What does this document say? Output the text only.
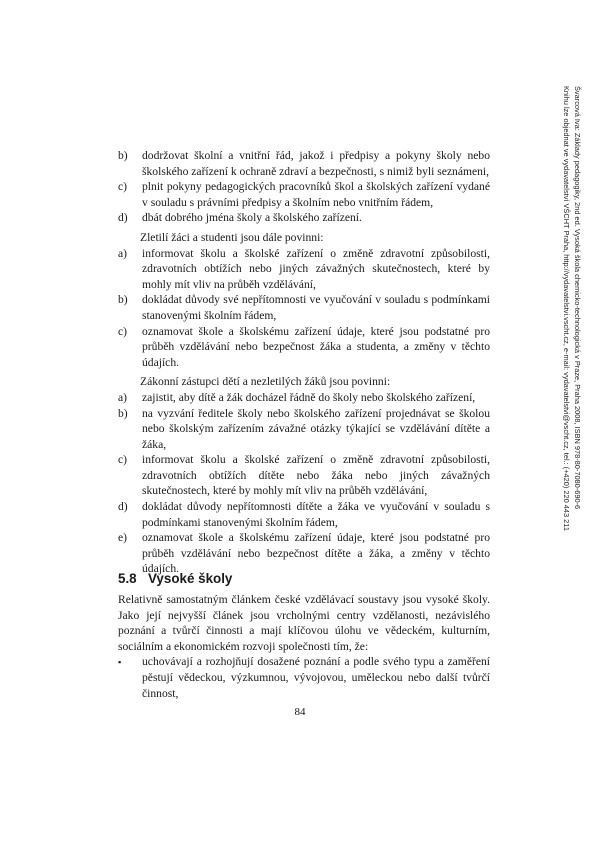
Švarcová Iva: Základy pedagogiky, 2nd ed. Vysoká škola chemicko-technologická v Praze, Praha 2008, ISBN 978-80-7080-690-6
Knihu lze objednat ve vydavatelství VŠCHT Praha, http://vydavatelstvi.vscht.cz, e-mail: vydavatelstvi@vscht.cz, tel.: (+420) 220 443 211
b) dodržovat školní a vnitřní řád, jakož i předpisy a pokyny školy nebo školského zařízení k ochraně zdraví a bezpečnosti, s nimiž byli seznámeni,
c) plnit pokyny pedagogických pracovníků škol a školských zařízení vydané v souladu s právními předpisy a školním nebo vnitřním řádem,
d) dbát dobrého jména školy a školského zařízení.
Zletilí žáci a studenti jsou dále povinni:
a) informovat školu a školské zařízení o změně zdravotní způsobilosti, zdravotních obtížích nebo jiných závažných skutečnostech, které by mohly mít vliv na průběh vzdělávání,
b) dokládat důvody své nepřítomnosti ve vyučování v souladu s podmínkami stanovenými školním řádem,
c) oznamovat škole a školskému zařízení údaje, které jsou podstatné pro průběh vzdělávání nebo bezpečnost žáka a studenta, a změny v těchto údajích.
Zákonní zástupci dětí a nezletilých žáků jsou povinni:
a) zajistit, aby dítě a žák docházel řádně do školy nebo školského zařízení,
b) na vyzvání ředitele školy nebo školského zařízení projednávat se školou nebo školským zařízením závažné otázky týkající se vzdělávání dítěte a žáka,
c) informovat školu a školské zařízení o změně zdravotní způsobilosti, zdravotních obtížích dítěte nebo žáka nebo jiných závažných skutečnostech, které by mohly mít vliv na průběh vzdělávání,
d) dokládat důvody nepřítomnosti dítěte a žáka ve vyučování v souladu s podmínkami stanovenými školním řádem,
e) oznamovat škole a školskému zařízení údaje, které jsou podstatné pro průběh vzdělávání nebo bezpečnost dítěte a žáka, a změny v těchto údajích.
5.8 Vysoké školy
Relativně samostatným článkem české vzdělávací soustavy jsou vysoké školy. Jako její nejvyšší článek jsou vrcholnými centry vzdělanosti, nezávislého poznání a tvůrčí činnosti a mají klíčovou úlohu ve vědeckém, kulturním, sociálním a ekonomickém rozvoji společnosti tím, že:
▪ uchovávají a rozhojňují dosažené poznání a podle svého typu a zaměření pěstují vědeckou, výzkumnou, vývojovou, uměleckou nebo další tvůrčí činnost,
84
